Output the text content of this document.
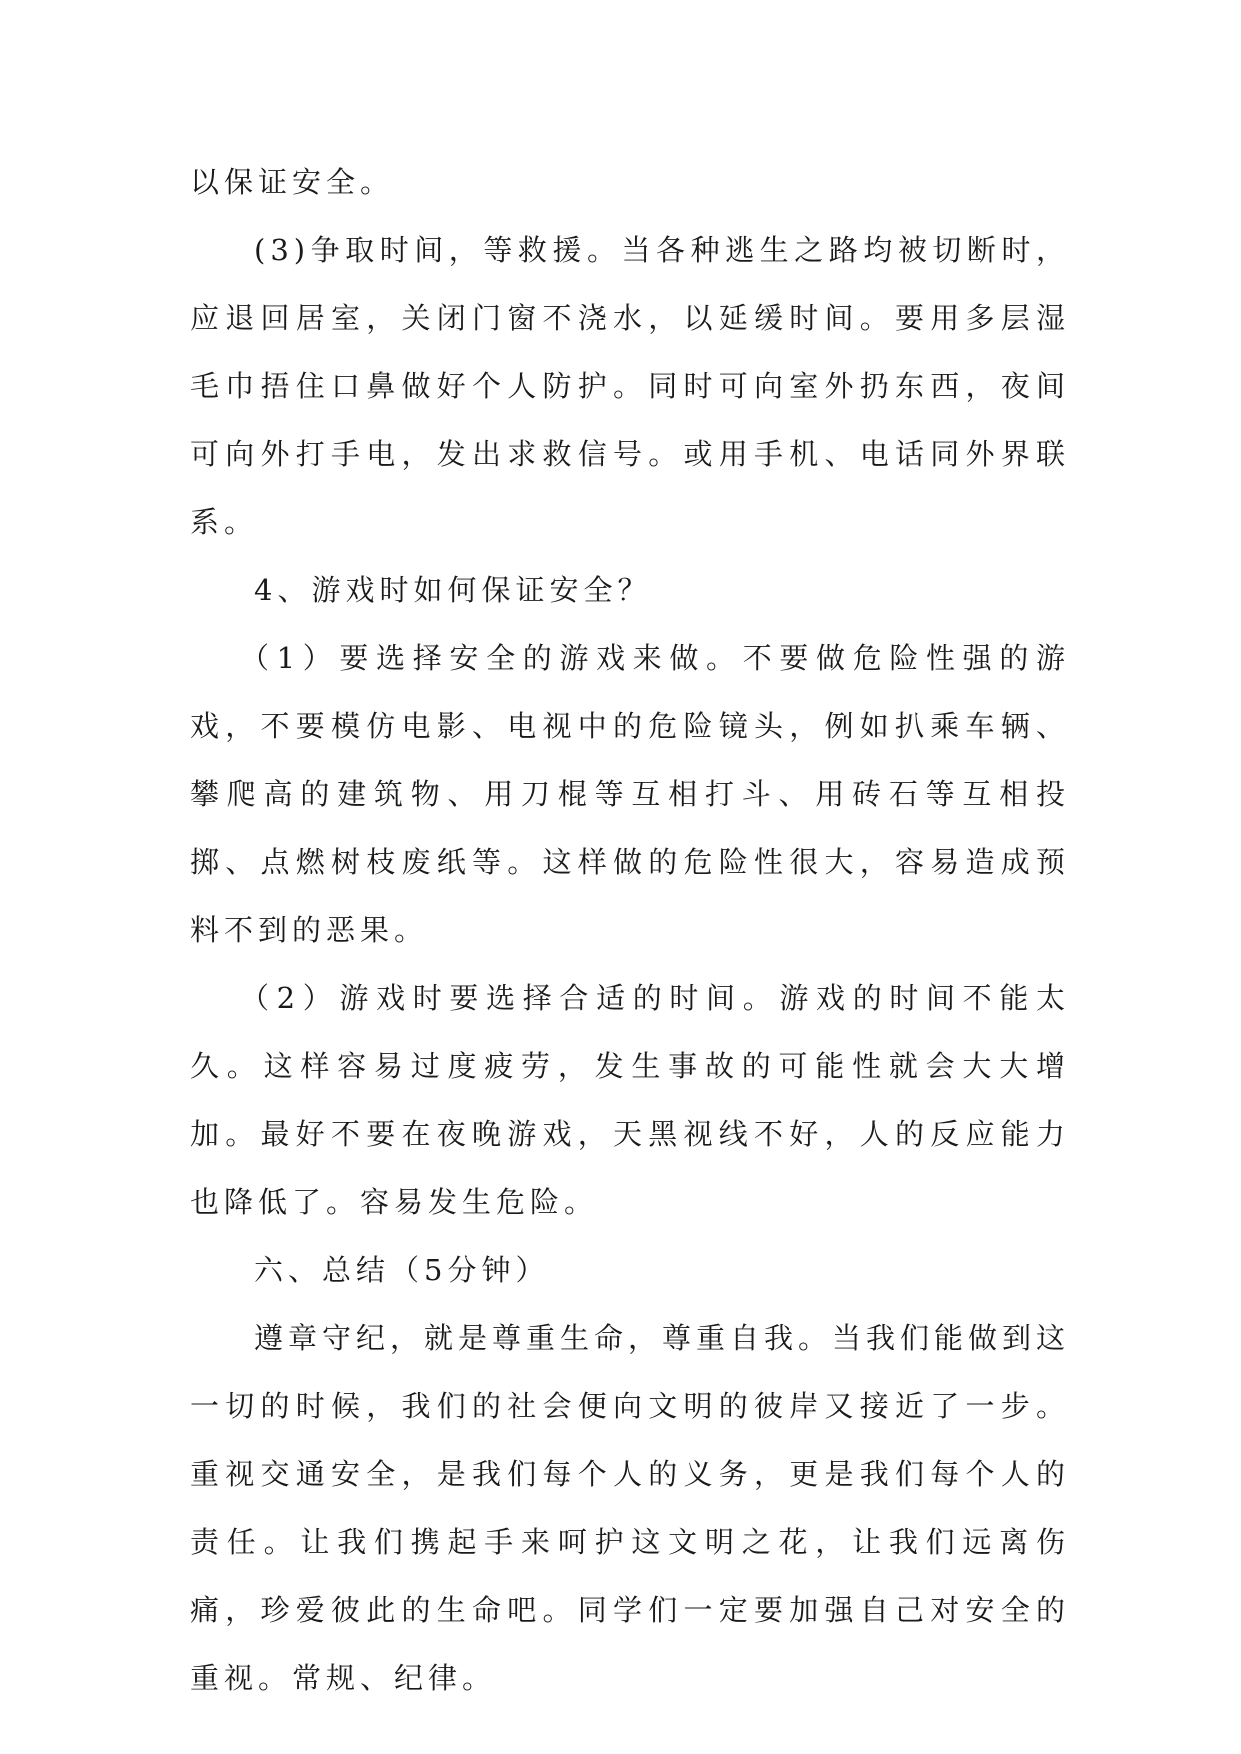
以保证安全。

(3)争取时间，等救援。当各种逃生之路均被切断时，应退回居室，关闭门窗不浇水，以延缓时间。要用多层湿毛巾捂住口鼻做好个人防护。同时可向室外扔东西，夜间可向外打手电，发出求救信号。或用手机、电话同外界联系。

4、游戏时如何保证安全？

（1）要选择安全的游戏来做。不要做危险性强的游戏，不要模仿电影、电视中的危险镜头，例如扒乘车辆、攀爬高的建筑物、用刀棍等互相打斗、用砖石等互相投掷、点燃树枝废纸等。这样做的危险性很大，容易造成预料不到的恶果。

（2）游戏时要选择合适的时间。游戏的时间不能太久。这样容易过度疲劳，发生事故的可能性就会大大增加。最好不要在夜晚游戏，天黑视线不好，人的反应能力也降低了。容易发生危险。

六、总结（5分钟）

遵章守纪，就是尊重生命，尊重自我。当我们能做到这一切的时候，我们的社会便向文明的彼岸又接近了一步。重视交通安全，是我们每个人的义务，更是我们每个人的责任。让我们携起手来呵护这文明之花，让我们远离伤痛，珍爱彼此的生命吧。同学们一定要加强自己对安全的重视。常规、纪律。
